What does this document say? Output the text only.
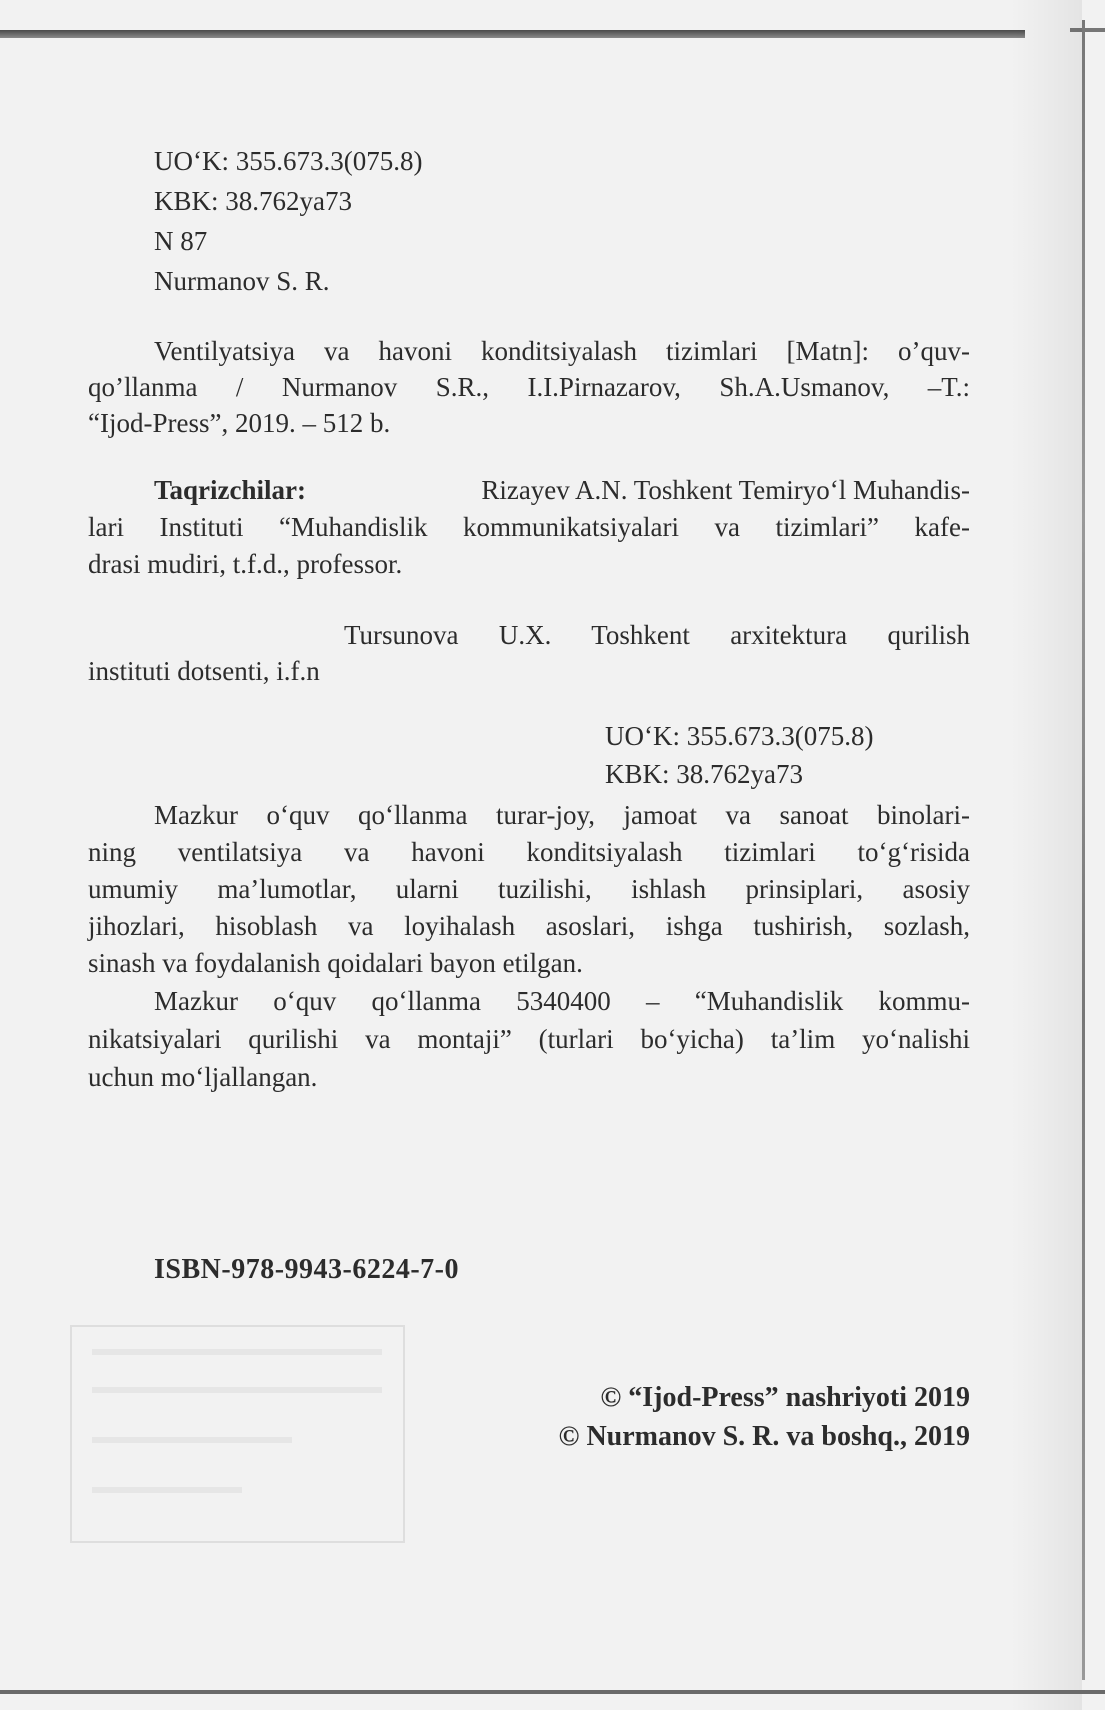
UO‘K: 355.673.3(075.8)
KBK: 38.762ya73
N 87
Nurmanov S. R.
Ventilyatsiya va havoni konditsiyalash tizimlari [Matn]: o’quv-
qo’llanma / Nurmanov S.R., I.I.Pirnazarov, Sh.A.Usmanov, –T.:
“Ijod-Press”, 2019. – 512 b.
Taqrizchilar:	Rizayev A.N. Toshkent Temiryo‘l Muhandis-
lari Instituti “Muhandislik kommunikatsiyalari va tizimlari” kafe-
drasi mudiri, t.f.d., professor.
Tursunova U.X. Toshkent arxitektura qurilish
instituti dotsenti, i.f.n
UO‘K: 355.673.3(075.8)
KBK: 38.762ya73
Mazkur o‘quv qo‘llanma turar-joy, jamoat va sanoat binolari-
ning ventilatsiya va havoni konditsiyalash tizimlari to‘g‘risida
umumiy ma’lumotlar, ularni tuzilishi, ishlash prinsiplari, asosiy
jihozlari, hisoblash va loyihalash asoslari, ishga tushirish, sozlash,
sinash va foydalanish qoidalari bayon etilgan.
Mazkur o‘quv qo‘llanma 5340400 – “Muhandislik kommu-
nikatsiyalari qurilishi va montaji” (turlari bo‘yicha) ta’lim yo‘nalishi
uchun mo‘ljallangan.
ISBN-978-9943-6224-7-0
© “Ijod-Press” nashriyoti 2019
© Nurmanov S. R. va boshq., 2019
